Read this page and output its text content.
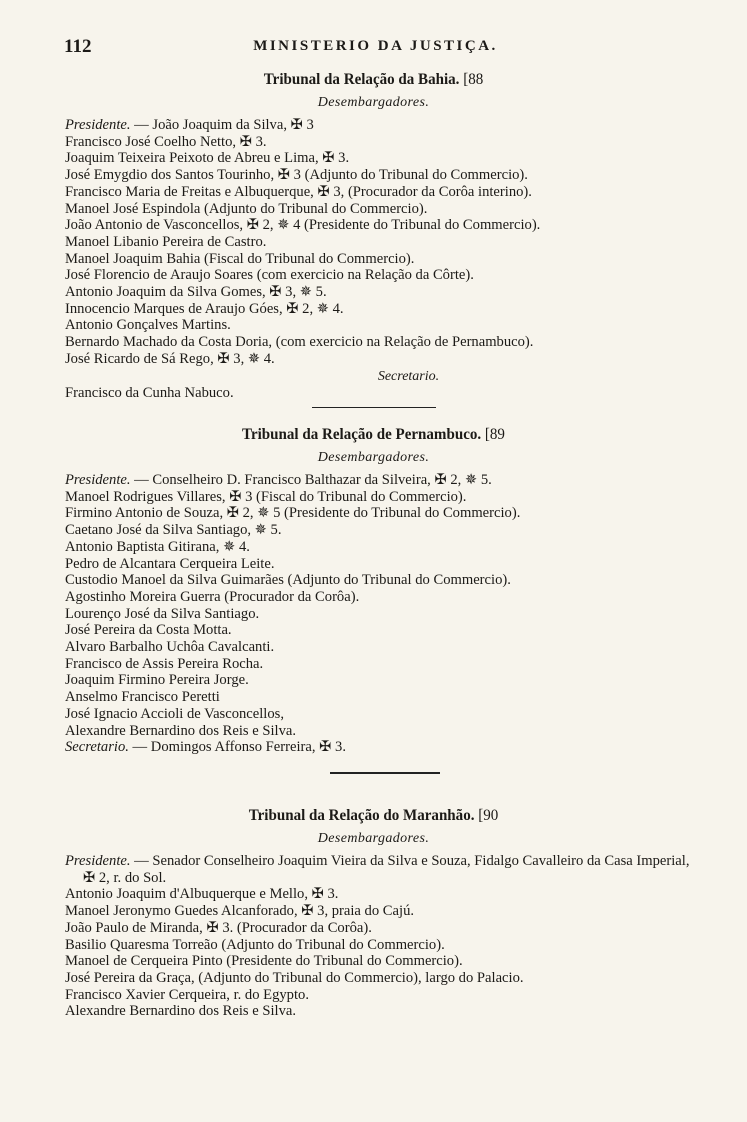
112	MINISTERIO DA JUSTIÇA.
Tribunal da Relação da Bahia. [88
Desembargadores.
Presidente. — João Joaquim da Silva, ✠ 3
Francisco José Coelho Netto, ✠ 3.
Joaquim Teixeira Peixoto de Abreu e Lima, ✠ 3.
José Emygdio dos Santos Tourinho, ✠ 3 (Adjunto do Tribunal do Commercio).
Francisco Maria de Freitas e Albuquerque, ✠ 3, (Procurador da Corôa interino).
Manoel José Espindola (Adjunto do Tribunal do Commercio).
João Antonio de Vasconcellos, ✠ 2, ✵ 4 (Presidente do Tribunal do Commercio).
Manoel Libanio Pereira de Castro.
Manoel Joaquim Bahia (Fiscal do Tribunal do Commercio).
José Florencio de Araujo Soares (com exercicio na Relação da Côrte).
Antonio Joaquim da Silva Gomes, ✠ 3, ✵ 5.
Innocencio Marques de Araujo Góes, ✠ 2, ✵ 4.
Antonio Gonçalves Martins.
Bernardo Machado da Costa Doria, (com exercicio na Relação de Pernambuco).
José Ricardo de Sá Rego, ✠ 3, ✵ 4.
Secretario.
Francisco da Cunha Nabuco.
Tribunal da Relação de Pernambuco. [89
Desembargadores.
Presidente. — Conselheiro D. Francisco Balthazar da Silveira, ✠ 2, ✵ 5.
Manoel Rodrigues Villares, ✠ 3 (Fiscal do Tribunal do Commercio).
Firmino Antonio de Souza, ✠ 2, ✵ 5 (Presidente do Tribunal do Commercio).
Caetano José da Silva Santiago, ✵ 5.
Antonio Baptista Gitirana, ✵ 4.
Pedro de Alcantara Cerqueira Leite.
Custodio Manoel da Silva Guimarães (Adjunto do Tribunal do Commercio).
Agostinho Moreira Guerra (Procurador da Corôa).
Lourenço José da Silva Santiago.
José Pereira da Costa Motta.
Alvaro Barbalho Uchôa Cavalcanti.
Francisco de Assis Pereira Rocha.
Joaquim Firmino Pereira Jorge.
Anselmo Francisco Peretti
José Ignacio Accioli de Vasconcellos,
Alexandre Bernardino dos Reis e Silva.
Secretario. — Domingos Affonso Ferreira, ✠ 3.
Tribunal da Relação do Maranhão. [90
Desembargadores.
Presidente. — Senador Conselheiro Joaquim Vieira da Silva e Souza, Fidalgo Cavalleiro da Casa Imperial, ✠ 2, r. do Sol.
Antonio Joaquim d'Albuquerque e Mello, ✠ 3.
Manoel Jeronymo Guedes Alcanforado, ✠ 3, praia do Cajú.
João Paulo de Miranda, ✠ 3. (Procurador da Corôa).
Basilio Quaresma Torreão (Adjunto do Tribunal do Commercio).
Manoel de Cerqueira Pinto (Presidente do Tribunal do Commercio).
José Pereira da Graça, (Adjunto do Tribunal do Commercio), largo do Palacio.
Francisco Xavier Cerqueira, r. do Egypto.
Alexandre Bernardino dos Reis e Silva.
